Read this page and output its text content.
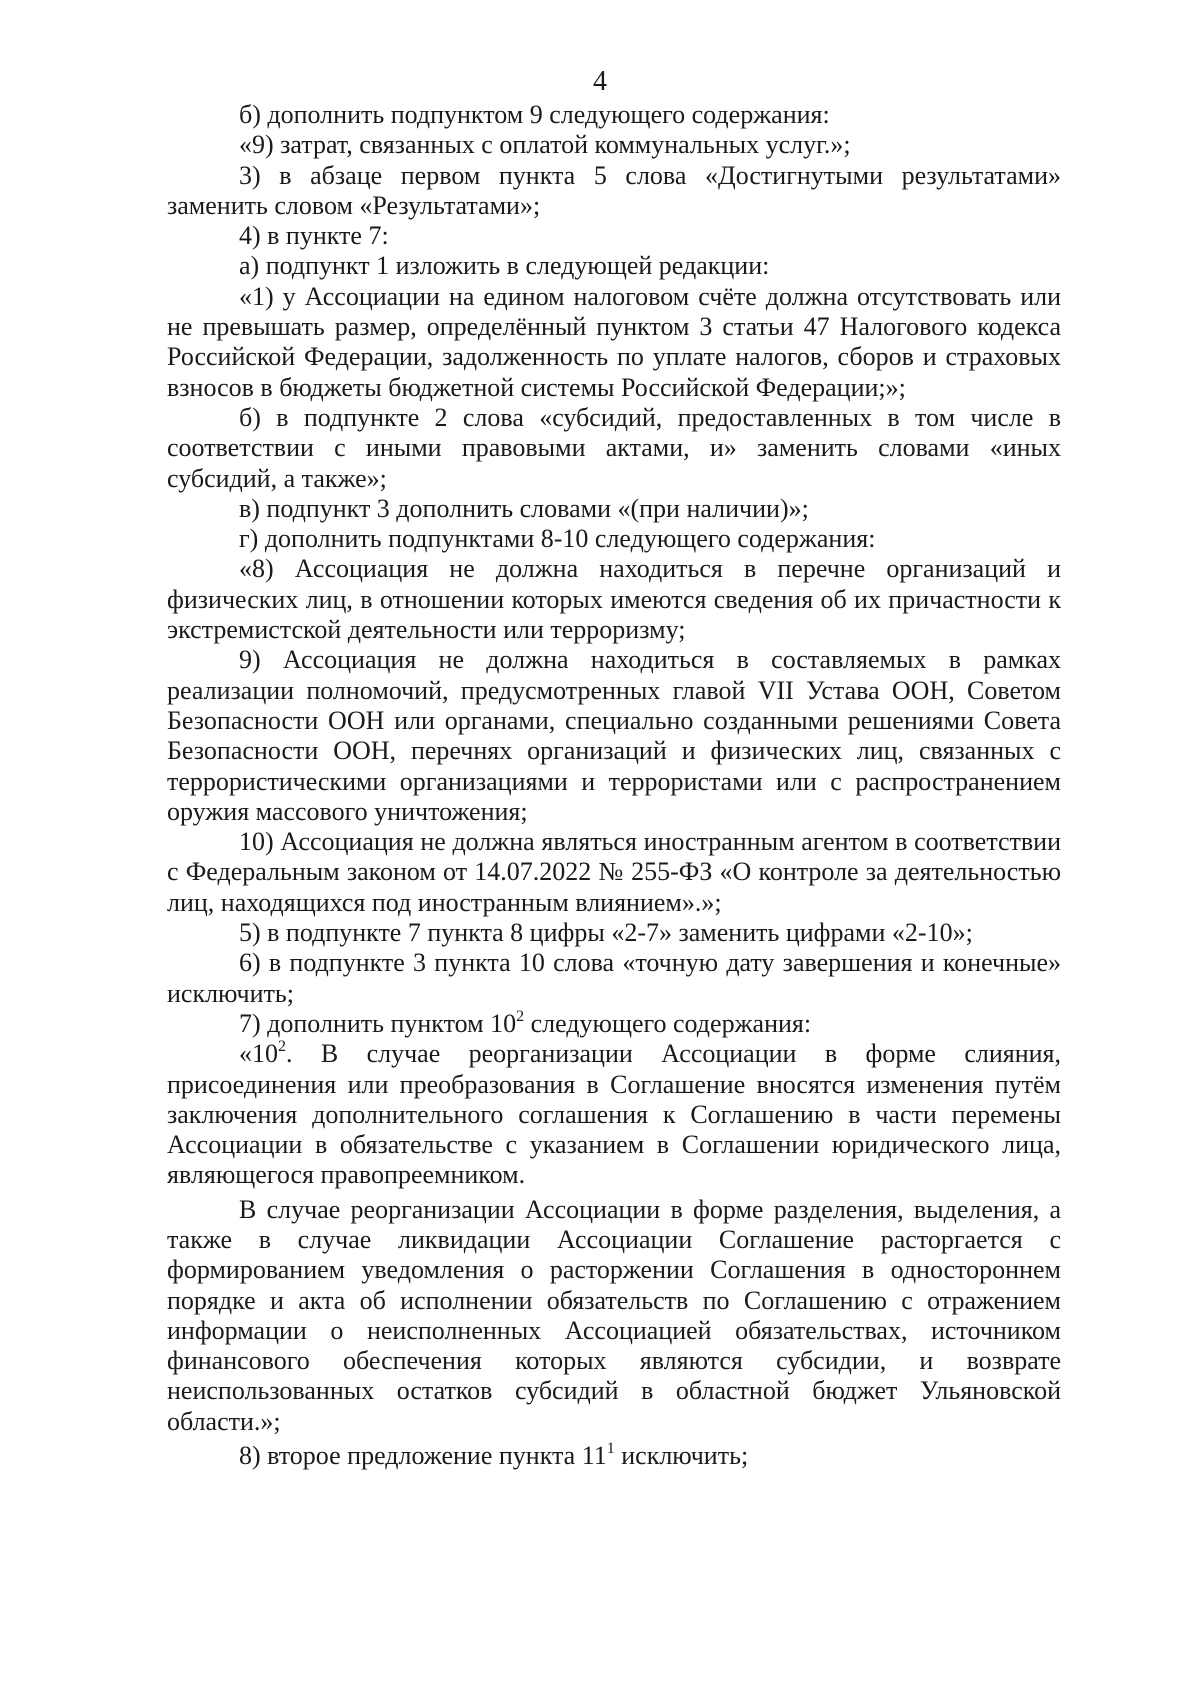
4

б) дополнить подпунктом 9 следующего содержания:

«9) затрат, связанных с оплатой коммунальных услуг.»;

3) в абзаце первом пункта 5 слова «Достигнутыми результатами» заменить словом «Результатами»;

4) в пункте 7:

а) подпункт 1 изложить в следующей редакции:

«1) у Ассоциации на едином налоговом счёте должна отсутствовать или не превышать размер, определённый пунктом 3 статьи 47 Налогового кодекса Российской Федерации, задолженность по уплате налогов, сборов и страховых взносов в бюджеты бюджетной системы Российской Федерации;»;

б) в подпункте 2 слова «субсидий, предоставленных в том числе в соответствии с иными правовыми актами, и» заменить словами «иных субсидий, а также»;

в) подпункт 3 дополнить словами «(при наличии)»;

г) дополнить подпунктами 8-10 следующего содержания:

«8) Ассоциация не должна находиться в перечне организаций и физических лиц, в отношении которых имеются сведения об их причастности к экстремистской деятельности или терроризму;

9) Ассоциация не должна находиться в составляемых в рамках реализации полномочий, предусмотренных главой VII Устава ООН, Советом Безопасности ООН или органами, специально созданными решениями Совета Безопасности ООН, перечнях организаций и физических лиц, связанных с террористическими организациями и террористами или с распространением оружия массового уничтожения;

10) Ассоциация не должна являться иностранным агентом в соответствии с Федеральным законом от 14.07.2022 № 255-ФЗ «О контроле за деятельностью лиц, находящихся под иностранным влиянием».»;

5) в подпункте 7 пункта 8 цифры «2-7» заменить цифрами «2-10»;

6) в подпункте 3 пункта 10 слова «точную дату завершения и конечные» исключить;

7) дополнить пунктом $10^2$ следующего содержания:

«$10^2$. В случае реорганизации Ассоциации в форме слияния, присоединения или преобразования в Соглашение вносятся изменения путём заключения дополнительного соглашения к Соглашению в части перемены Ассоциации в обязательстве с указанием в Соглашении юридического лица, являющегося правопреемником.

В случае реорганизации Ассоциации в форме разделения, выделения, а также в случае ликвидации Ассоциации Соглашение расторгается с формированием уведомления о расторжении Соглашения в одностороннем порядке и акта об исполнении обязательств по Соглашению с отражением информации о неисполненных Ассоциацией обязательствах, источником финансового обеспечения которых являются субсидии, и возврате неиспользованных остатков субсидий в областной бюджет Ульяновской области.»;

8) второе предложение пункта $11^1$ исключить;
